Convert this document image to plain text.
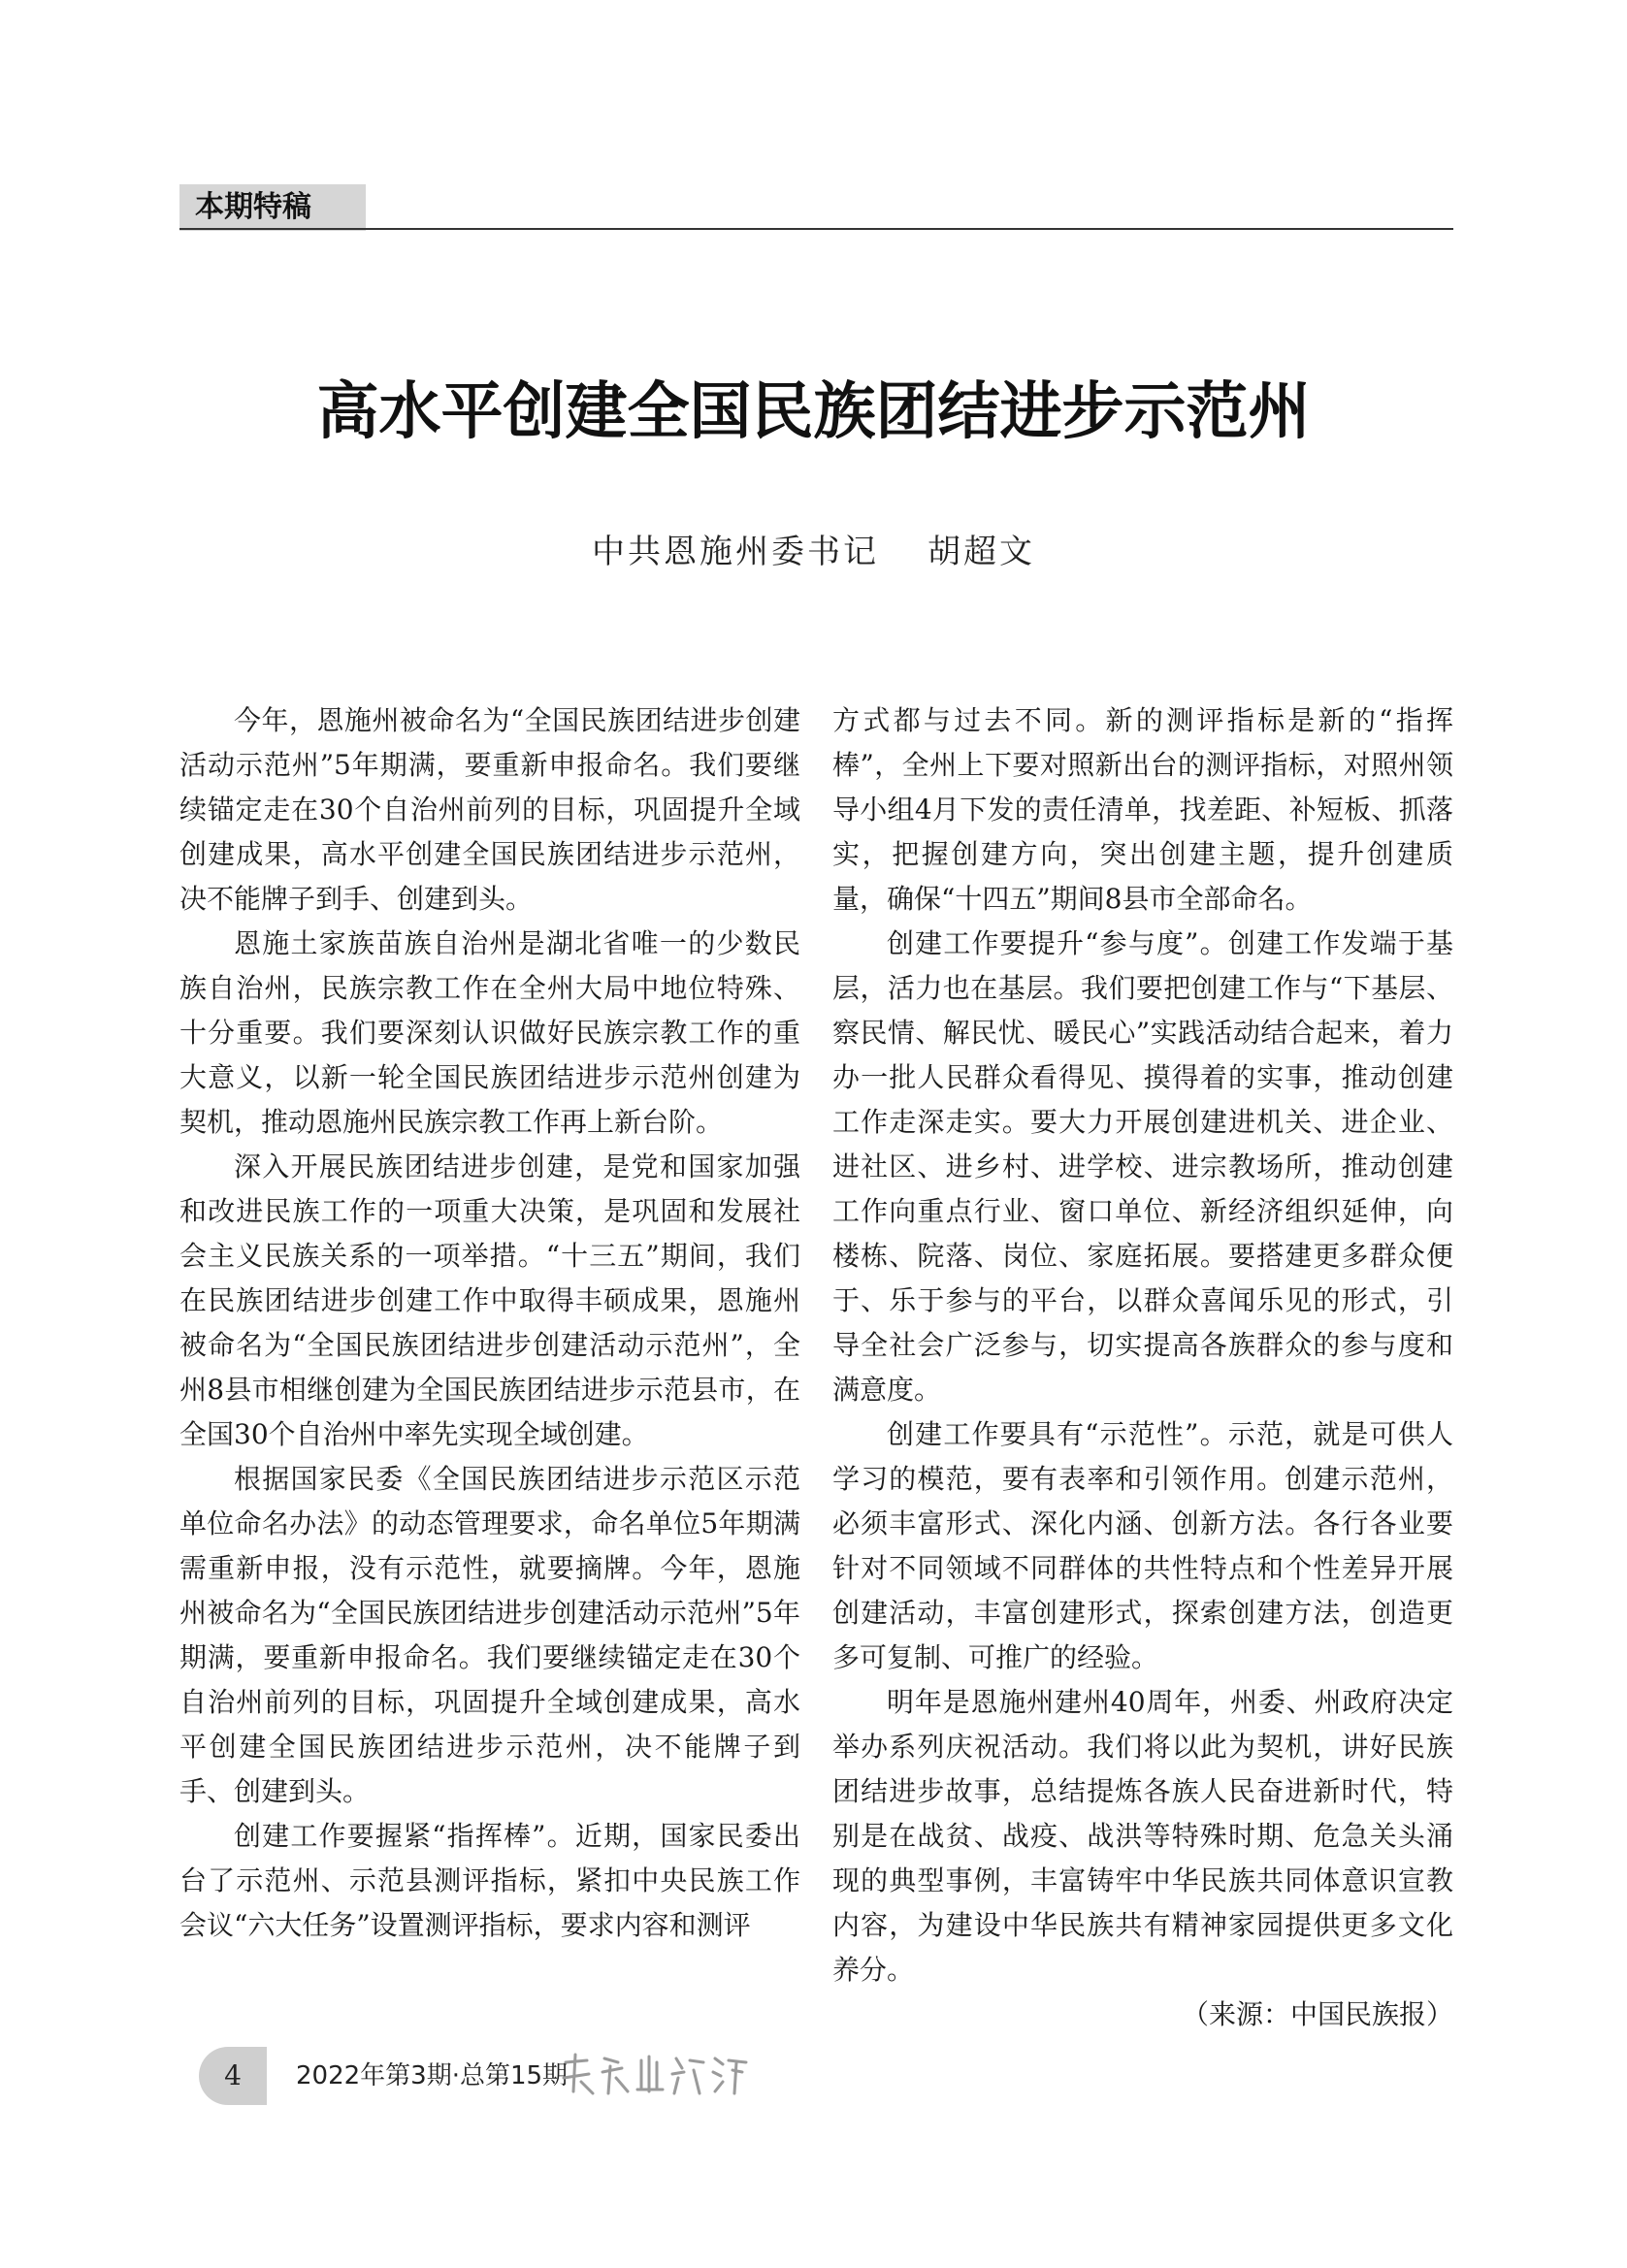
本期特稿
高水平创建全国民族团结进步示范州
中共恩施州委书记 胡超文

今年，恩施州被命名为“全国民族团结进步创建活动示范州”5年期满，要重新申报命名。我们要继续锚定走在30个自治州前列的目标，巩固提升全域创建成果，高水平创建全国民族团结进步示范州，决不能牌子到手、创建到头。

恩施土家族苗族自治州是湖北省唯一的少数民族自治州，民族宗教工作在全州大局中地位特殊、十分重要。我们要深刻认识做好民族宗教工作的重大意义，以新一轮全国民族团结进步示范州创建为契机，推动恩施州民族宗教工作再上新台阶。

深入开展民族团结进步创建，是党和国家加强和改进民族工作的一项重大决策，是巩固和发展社会主义民族关系的一项举措。“十三五”期间，我们在民族团结进步创建工作中取得丰硕成果，恩施州被命名为“全国民族团结进步创建活动示范州”，全州8县市相继创建为全国民族团结进步示范县市，在全国30个自治州中率先实现全域创建。

根据国家民委《全国民族团结进步示范区示范单位命名办法》的动态管理要求，命名单位5年期满需重新申报，没有示范性，就要摘牌。今年，恩施州被命名为“全国民族团结进步创建活动示范州”5年期满，要重新申报命名。我们要继续锚定走在30个自治州前列的目标，巩固提升全域创建成果，高水平创建全国民族团结进步示范州，决不能牌子到手、创建到头。

创建工作要握紧“指挥棒”。近期，国家民委出台了示范州、示范县测评指标，紧扣中央民族工作会议“六大任务”设置测评指标，要求内容和测评

方式都与过去不同。新的测评指标是新的“指挥棒”，全州上下要对照新出台的测评指标，对照州领导小组4月下发的责任清单，找差距、补短板、抓落实，把握创建方向，突出创建主题，提升创建质量，确保“十四五”期间8县市全部命名。

创建工作要提升“参与度”。创建工作发端于基层，活力也在基层。我们要把创建工作与“下基层、察民情、解民忧、暖民心”实践活动结合起来，着力办一批人民群众看得见、摸得着的实事，推动创建工作走深走实。要大力开展创建进机关、进企业、进社区、进乡村、进学校、进宗教场所，推动创建工作向重点行业、窗口单位、新经济组织延伸，向楼栋、院落、岗位、家庭拓展。要搭建更多群众便于、乐于参与的平台，以群众喜闻乐见的形式，引导全社会广泛参与，切实提高各族群众的参与度和满意度。

创建工作要具有“示范性”。示范，就是可供人学习的模范，要有表率和引领作用。创建示范州，必须丰富形式、深化内涵、创新方法。各行各业要针对不同领域不同群体的共性特点和个性差异开展创建活动，丰富创建形式，探索创建方法，创造更多可复制、可推广的经验。

明年是恩施州建州40周年，州委、州政府决定举办系列庆祝活动。我们将以此为契机，讲好民族团结进步故事，总结提炼各族人民奋进新时代，特别是在战贫、战疫、战洪等特殊时期、危急关头涌现的典型事例，丰富铸牢中华民族共同体意识宣教内容，为建设中华民族共有精神家园提供更多文化养分。

（来源：中国民族报）

4	2022年第3期·总第15期
